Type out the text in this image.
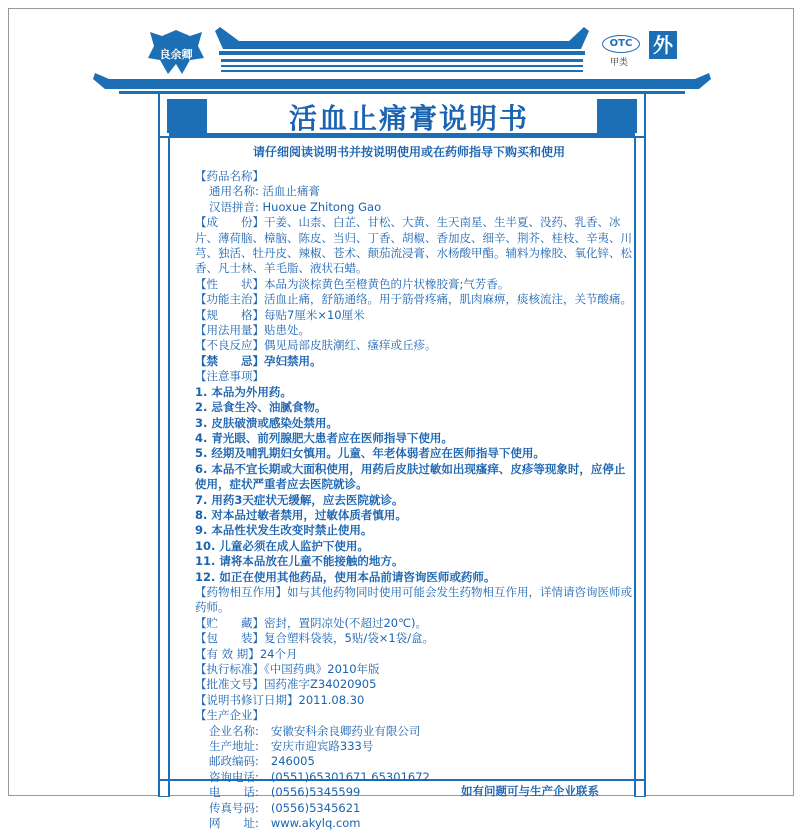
良余卿
OTC
甲类
外
活血止痛膏说明书
请仔细阅读说明书并按说明使用或在药师指导下购买和使用
【药品名称】
通用名称: 活血止痛膏
汉语拼音: Huoxue Zhitong Gao
【成　　份】干姜、山柰、白芷、甘松、大黄、生天南星、生半夏、没药、乳香、冰片、薄荷脑、樟脑、陈皮、当归、丁香、胡椒、香加皮、细辛、荆芥、桂枝、辛夷、川芎、独活、牡丹皮、辣椒、苍术、颠茄流浸膏、水杨酸甲酯。辅料为橡胶、氧化锌、松香、凡士林、羊毛脂、液状石蜡。
【性　　状】本品为淡棕黄色至橙黄色的片状橡胶膏;气芳香。
【功能主治】活血止痛，舒筋通络。用于筋骨疼痛，肌肉麻痹，痰核流注，关节酸痛。
【规　　格】每贴7厘米×10厘米
【用法用量】贴患处。
【不良反应】偶见局部皮肤潮红、瘙痒或丘疹。
【禁　　忌】孕妇禁用。
【注意事项】
1. 本品为外用药。
2. 忌食生冷、油腻食物。
3. 皮肤破溃或感染处禁用。
4. 青光眼、前列腺肥大患者应在医师指导下使用。
5. 经期及哺乳期妇女慎用。儿童、年老体弱者应在医师指导下使用。
6. 本品不宜长期或大面积使用，用药后皮肤过敏如出现瘙痒、皮疹等现象时，应停止使用，症状严重者应去医院就诊。
7. 用药3天症状无缓解，应去医院就诊。
8. 对本品过敏者禁用，过敏体质者慎用。
9. 本品性状发生改变时禁止使用。
10. 儿童必须在成人监护下使用。
11. 请将本品放在儿童不能接触的地方。
12. 如正在使用其他药品，使用本品前请咨询医师或药师。
【药物相互作用】如与其他药物同时使用可能会发生药物相互作用，详情请咨询医师或药师。
【贮　　藏】密封，置阴凉处(不超过20℃)。
【包　　装】复合塑料袋装，5贴/袋×1袋/盒。
【有 效 期】24个月
【执行标准】《中国药典》2010年版
【批准文号】国药准字Z34020905
【说明书修订日期】2011.08.30
【生产企业】
企业名称: 安徽安科余良卿药业有限公司
生产地址: 安庆市迎宾路333号
邮政编码: 246005
咨询电话: (0551)65301671 65301672
电　　话: (0556)5345599
传真号码: (0556)5345621
网　　址: www.akylq.com
如有问题可与生产企业联系
